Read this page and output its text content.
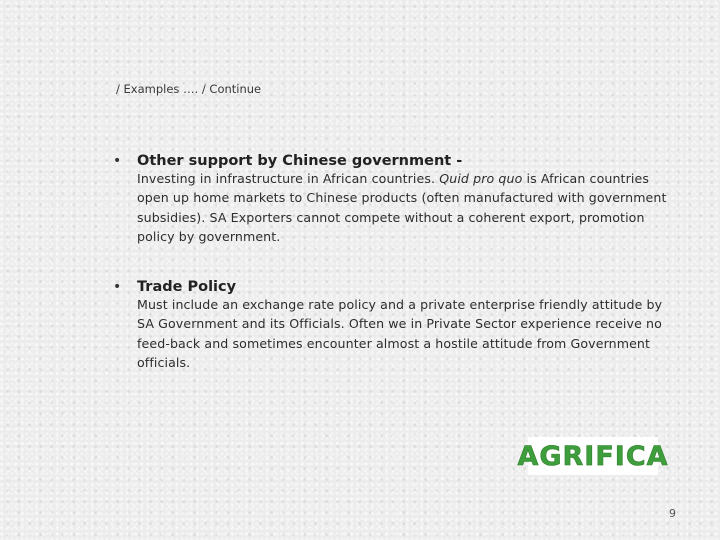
/ Examples …. / Continue
•	Other support by Chinese government -

Investing in infrastructure in African countries. Quid pro quo is African countries open up home markets to Chinese products (often manufactured with government subsidies). SA Exporters cannot compete without a coherent export, promotion policy by government.

•	Trade Policy

Must include an exchange rate policy and a private enterprise friendly attitude by SA Government and its Officials. Often we in Private Sector experience receive no feed-back and sometimes encounter almost a hostile attitude from Government officials.

AGRIFICA
9
